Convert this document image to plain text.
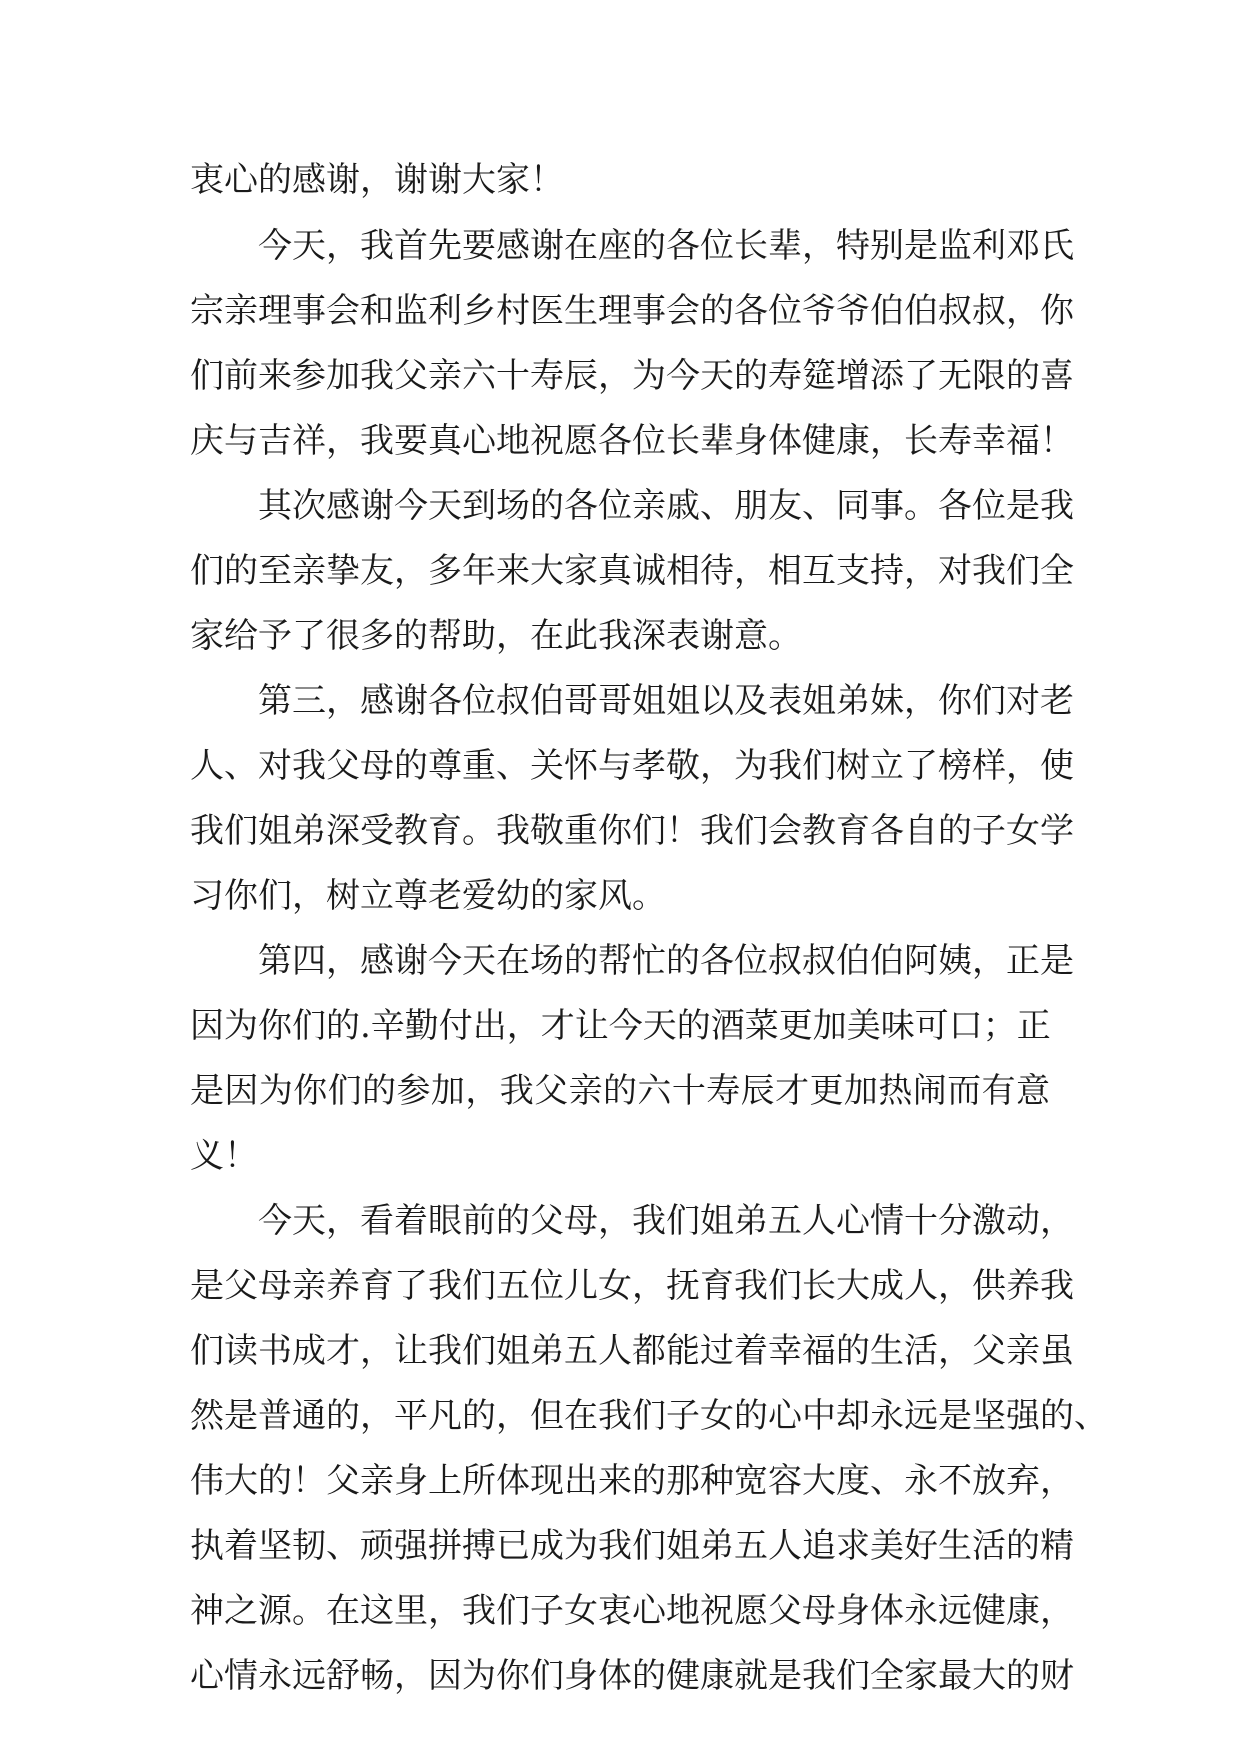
衷心的感谢，谢谢大家！
今天，我首先要感谢在座的各位长辈，特别是监利邓氏
宗亲理事会和监利乡村医生理事会的各位爷爷伯伯叔叔，你
们前来参加我父亲六十寿辰，为今天的寿筵增添了无限的喜
庆与吉祥，我要真心地祝愿各位长辈身体健康，长寿幸福！
其次感谢今天到场的各位亲戚、朋友、同事。各位是我
们的至亲挚友，多年来大家真诚相待，相互支持，对我们全
家给予了很多的帮助，在此我深表谢意。
第三，感谢各位叔伯哥哥姐姐以及表姐弟妹，你们对老
人、对我父母的尊重、关怀与孝敬，为我们树立了榜样，使
我们姐弟深受教育。我敬重你们！我们会教育各自的子女学
习你们，树立尊老爱幼的家风。
第四，感谢今天在场的帮忙的各位叔叔伯伯阿姨，正是
因为你们的.辛勤付出，才让今天的酒菜更加美味可口；正
是因为你们的参加，我父亲的六十寿辰才更加热闹而有意
义！
今天，看着眼前的父母，我们姐弟五人心情十分激动，
是父母亲养育了我们五位儿女，抚育我们长大成人，供养我
们读书成才，让我们姐弟五人都能过着幸福的生活，父亲虽
然是普通的，平凡的，但在我们子女的心中却永远是坚强的、
伟大的！父亲身上所体现出来的那种宽容大度、永不放弃，
执着坚韧、顽强拼搏已成为我们姐弟五人追求美好生活的精
神之源。在这里，我们子女衷心地祝愿父母身体永远健康，
心情永远舒畅，因为你们身体的健康就是我们全家最大的财
